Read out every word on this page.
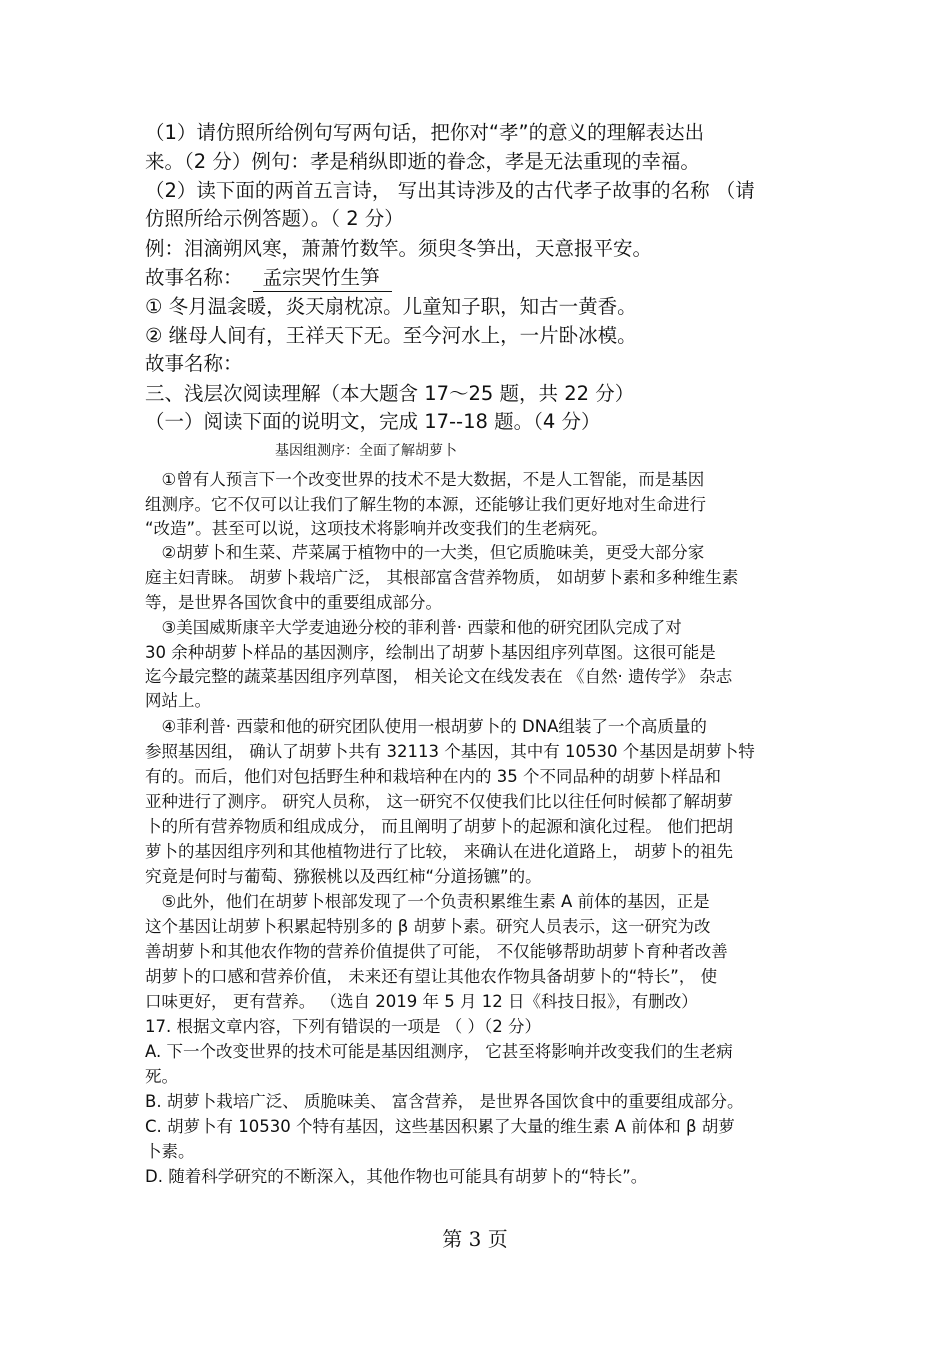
（1）请仿照所给例句写两句话，把你对“孝”的意义的理解表达出
来。（2 分）例句：孝是稍纵即逝的眷念，孝是无法重现的幸福。
（2）读下面的两首五言诗， 写出其诗涉及的古代孝子故事的名称 （请
仿照所给示例答题）。（ 2 分）
例：泪滴朔风寒，萧萧竹数竿。须臾冬笋出，天意报平安。
故事名称： 孟宗哭竹生笋
① 冬月温衾暖，炎天扇枕凉。儿童知子职，知古一黄香。
② 继母人间有，王祥天下无。至今河水上，一片卧冰模。
故事名称：
三、浅层次阅读理解（本大题含 17～25 题，共 22 分）
（一）阅读下面的说明文，完成 17--18 题。（4 分）
基因组测序：全面了解胡萝卜
　①曾有人预言下一个改变世界的技术不是大数据，不是人工智能，而是基因
组测序。它不仅可以让我们了解生物的本源，还能够让我们更好地对生命进行
“改造”。甚至可以说，这项技术将影响并改变我们的生老病死。
　②胡萝卜和生菜、芹菜属于植物中的一大类，但它质脆味美，更受大部分家
庭主妇青睐。 胡萝卜栽培广泛， 其根部富含营养物质， 如胡萝卜素和多种维生素
等，是世界各国饮食中的重要组成部分。
　③美国威斯康辛大学麦迪逊分校的菲利普· 西蒙和他的研究团队完成了对
30 余种胡萝卜样品的基因测序，绘制出了胡萝卜基因组序列草图。这很可能是
迄今最完整的蔬菜基因组序列草图， 相关论文在线发表在 《自然· 遗传学》 杂志
网站上。
　④菲利普· 西蒙和他的研究团队使用一根胡萝卜的 DNA组装了一个高质量的
参照基因组， 确认了胡萝卜共有 32113 个基因，其中有 10530 个基因是胡萝卜特
有的。而后，他们对包括野生种和栽培种在内的 35 个不同品种的胡萝卜样品和
亚种进行了测序。 研究人员称， 这一研究不仅使我们比以往任何时候都了解胡萝
卜的所有营养物质和组成成分， 而且阐明了胡萝卜的起源和演化过程。 他们把胡
萝卜的基因组序列和其他植物进行了比较， 来确认在进化道路上， 胡萝卜的祖先
究竟是何时与葡萄、猕猴桃以及西红柿“分道扬镳”的。
　⑤此外，他们在胡萝卜根部发现了一个负责积累维生素 A 前体的基因，正是
这个基因让胡萝卜积累起特别多的 β 胡萝卜素。研究人员表示，这一研究为改
善胡萝卜和其他农作物的营养价值提供了可能， 不仅能够帮助胡萝卜育种者改善
胡萝卜的口感和营养价值， 未来还有望让其他农作物具备胡萝卜的“特长”， 使
口味更好， 更有营养。 （选自 2019 年 5 月 12 日《科技日报》，有删改）
17. 根据文章内容，下列有错误的一项是 （ ）（2 分）
A. 下一个改变世界的技术可能是基因组测序， 它甚至将影响并改变我们的生老病
死。
B. 胡萝卜栽培广泛、 质脆味美、 富含营养， 是世界各国饮食中的重要组成部分。
C. 胡萝卜有 10530 个特有基因，这些基因积累了大量的维生素 A 前体和 β 胡萝
卜素。
D. 随着科学研究的不断深入，其他作物也可能具有胡萝卜的“特长”。
第 3 页
